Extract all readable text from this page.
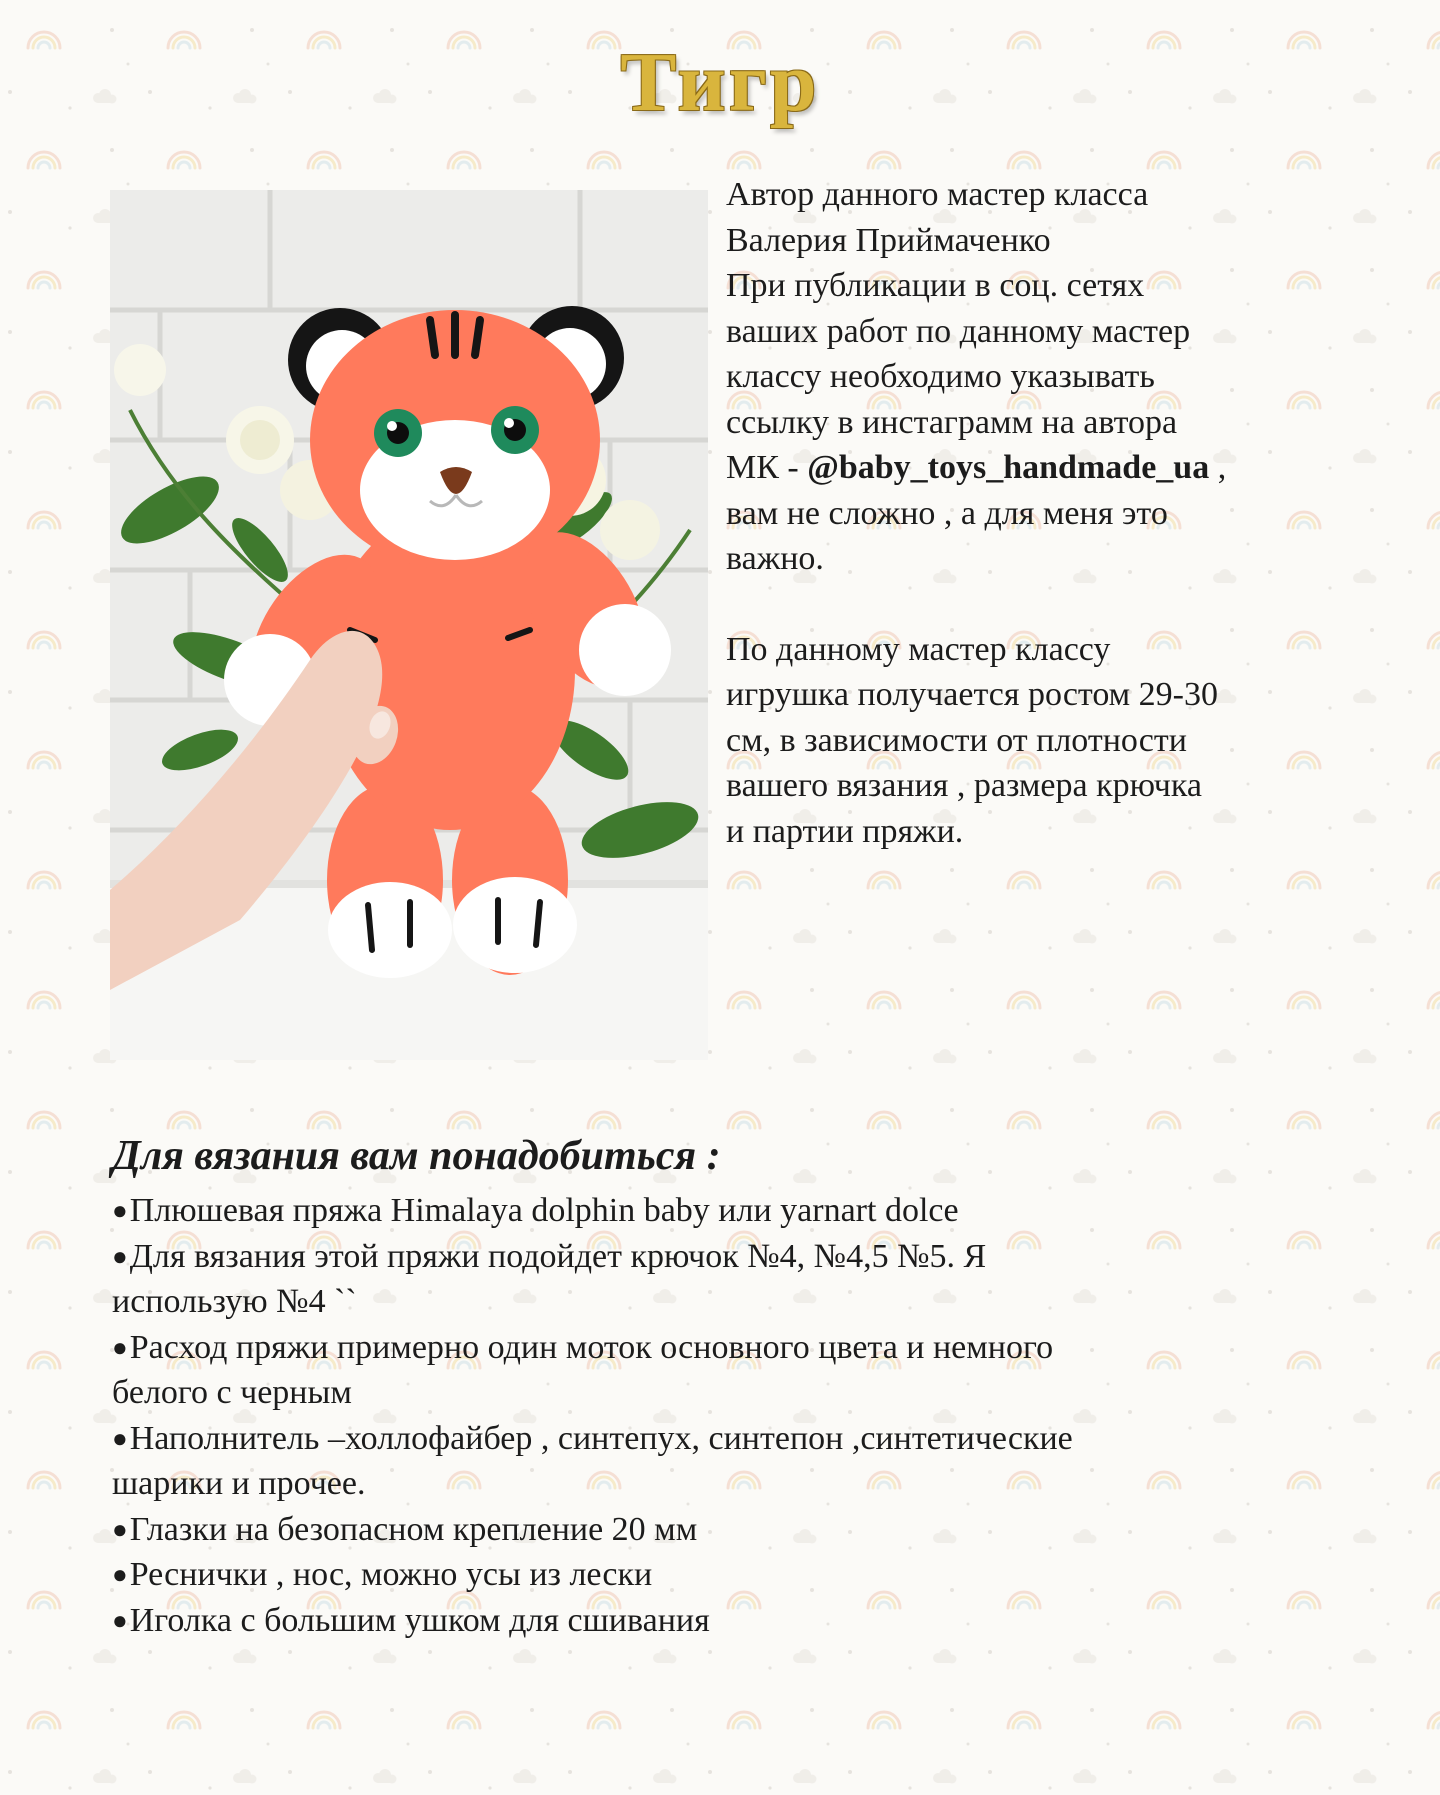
Тигр

Автор данного мастер класса

Валерия Приймаченко

При публикации в соц. сетях

ваших работ по данному мастер

классу необходимо указывать

ссылку в инстаграмм на автора

МК - @baby_toys_handmade_ua ,

вам не сложно , а для меня это

важно.

По данному мастер классу

игрушка получается ростом 29-30

см, в зависимости от плотности

вашего вязания , размера крючка

и партии пряжи.

Для вязания вам понадобиться :
●Плюшевая пряжа Himalaya dolphin baby или yarnart dolce
●Для вязания этой пряжи подойдет крючок №4, №4,5 №5. Я
использую №4 ``
●Расход пряжи примерно один моток основного цвета и немного
белого с черным
●Наполнитель –холлофайбер , синтепух, синтепон ,синтетические
шарики и прочее.
●Глазки на безопасном крепление 20 мм
●Реснички , нос, можно усы из лески
●Иголка с большим ушком для сшивания
